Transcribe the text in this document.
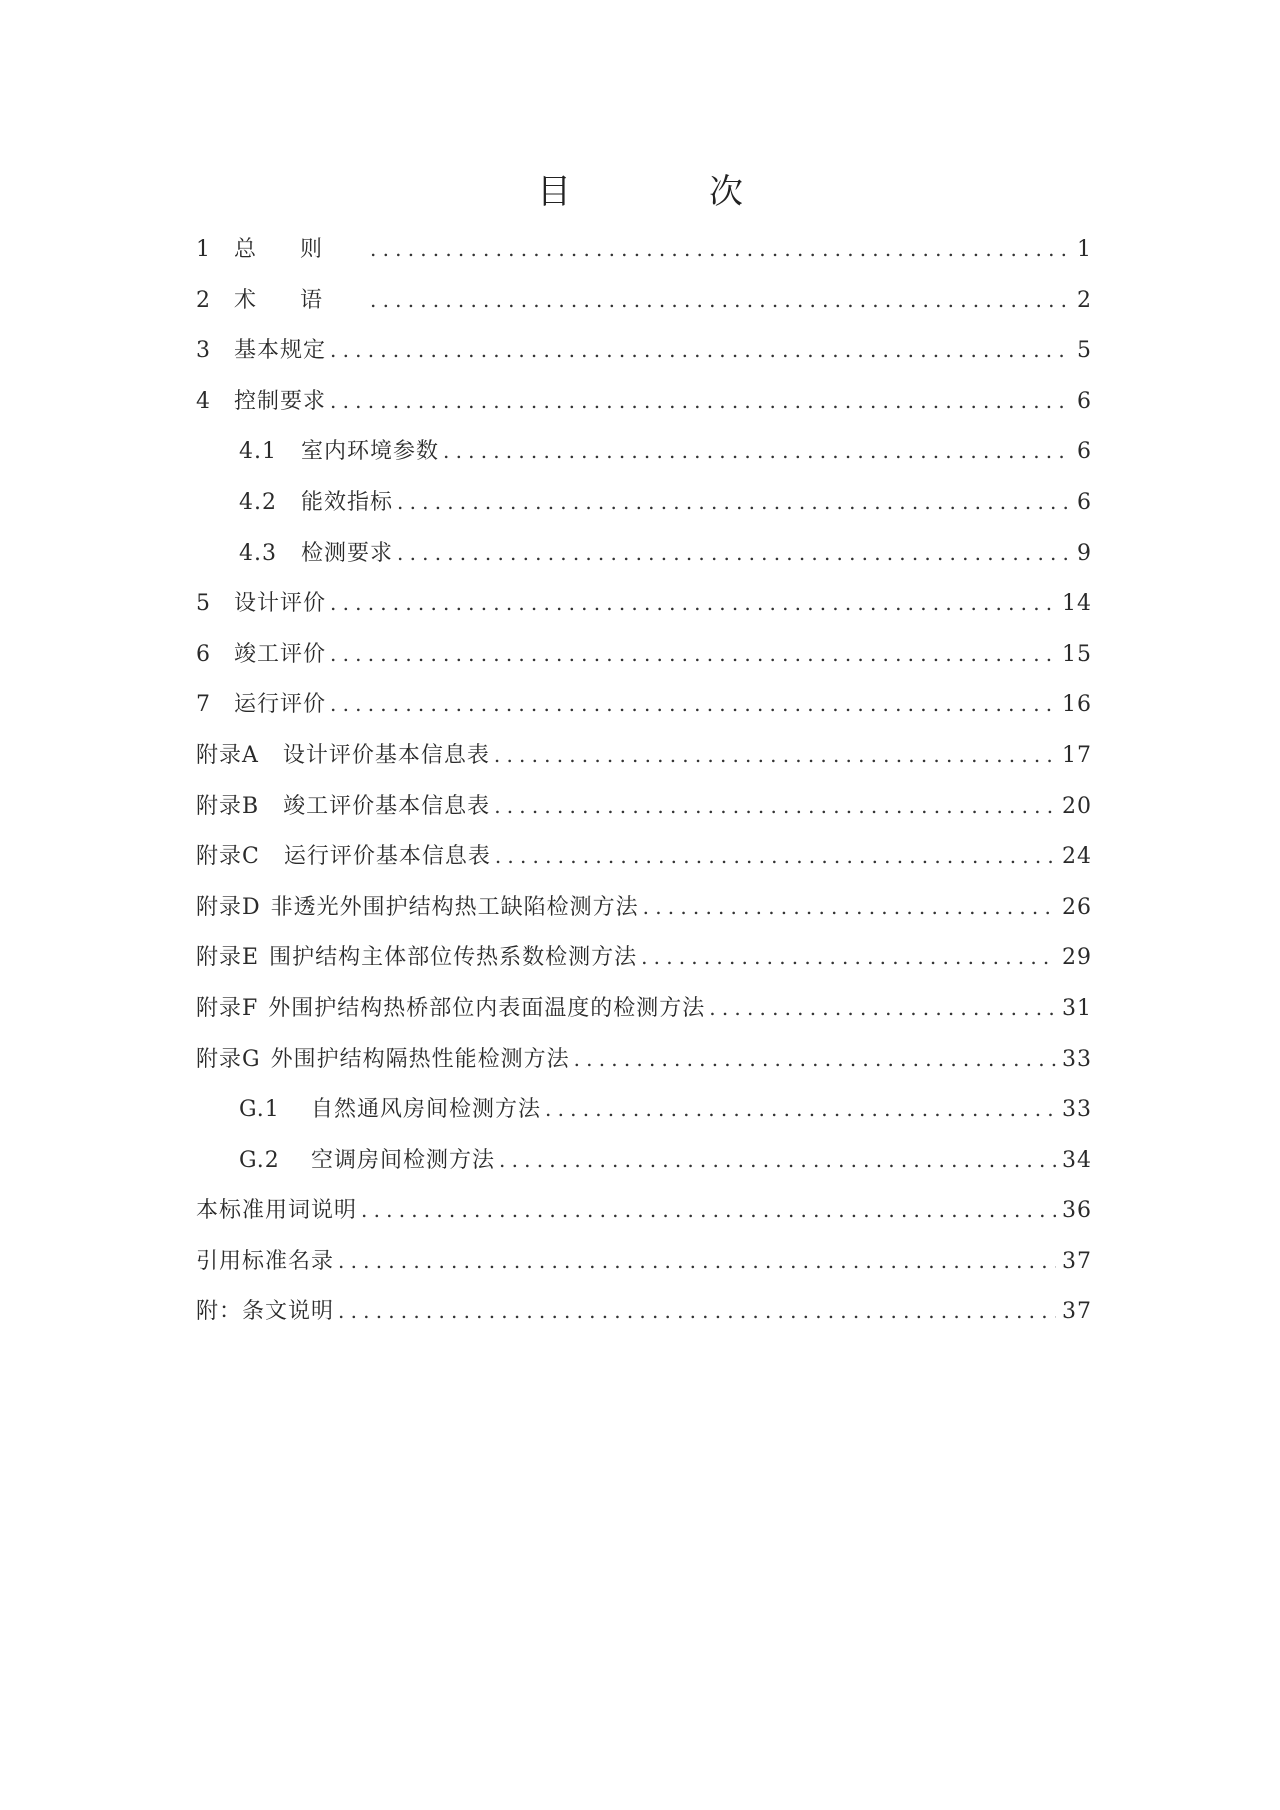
目　次
1	总则 .....	1
2	术语 .....	2
3	基本规定 .....	5
4	控制要求 .....	6
4.1	室内环境参数 .....	6
4.2	能效指标 .....	6
4.3	检测要求 .....	9
5	设计评价 .....	14
6	竣工评价 .....	15
7	运行评价 .....	16
附录A 设计评价基本信息表 .....	17
附录B 竣工评价基本信息表 .....	20
附录C 运行评价基本信息表 .....	24
附录D 非透光外围护结构热工缺陷检测方法 .....	26
附录E 围护结构主体部位传热系数检测方法 .....	29
附录F 外围护结构热桥部位内表面温度的检测方法 .....	31
附录G 外围护结构隔热性能检测方法 .....	33
G.1	自然通风房间检测方法 .....	33
G.2	空调房间检测方法 .....	34
本标准用词说明 .....	36
引用标准名录 .....	37
附：条文说明 .....	37
